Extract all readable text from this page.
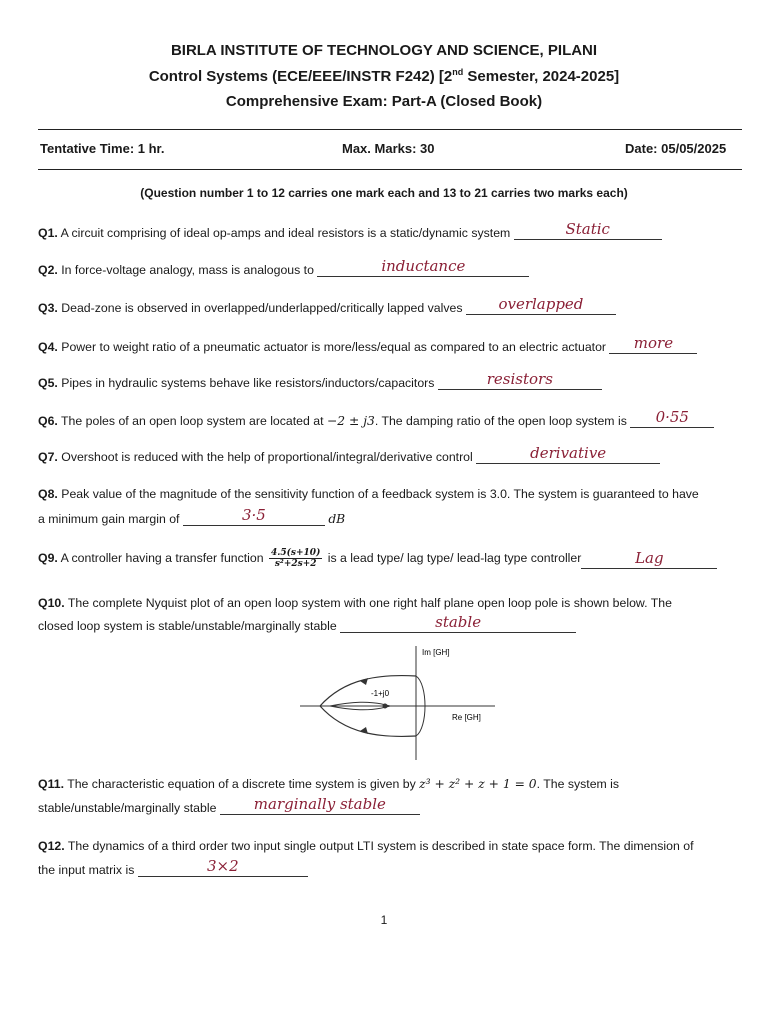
BIRLA INSTITUTE OF TECHNOLOGY AND SCIENCE, PILANI
Control Systems (ECE/EEE/INSTR F242) [2nd Semester, 2024-2025]
Comprehensive Exam: Part-A (Closed Book)
Tentative Time: 1 hr.	Max. Marks: 30	Date: 05/05/2025
(Question number 1 to 12 carries one mark each and 13 to 21 carries two marks each)
Q1. A circuit comprising of ideal op-amps and ideal resistors is a static/dynamic system	Static
Q2. In force-voltage analogy, mass is analogous to	inductance
Q3. Dead-zone is observed in overlapped/underlapped/critically lapped valves	overlapped
Q4. Power to weight ratio of a pneumatic actuator is more/less/equal as compared to an electric actuator	more
Q5. Pipes in hydraulic systems behave like resistors/inductors/capacitors	resistors
Q6. The poles of an open loop system are located at −2 ± j3. The damping ratio of the open loop system is	0·55
Q7. Overshoot is reduced with the help of proportional/integral/derivative control	derivative
Q8. Peak value of the magnitude of the sensitivity function of a feedback system is 3.0. The system is guaranteed to have
a minimum gain margin of	3·5	dB
Q9. A controller having a transfer function $\frac{4.5(s+10)}{\text{s²+2s+2}}$ is a lead type/ lag type/ lead-lag type controller	Lag
Q10. The complete Nyquist plot of an open loop system with one right half plane open loop pole is shown below. The
closed loop system is stable/unstable/marginally stable	stable
Im [GH]
Re [GH]
-1+j0
Q11. The characteristic equation of a discrete time system is given by z³ + z² + z + 1 = 0. The system is
stable/unstable/marginally stable	marginally stable
Q12. The dynamics of a third order two input single output LTI system is described in state space form. The dimension of
the input matrix is	3×2
1
